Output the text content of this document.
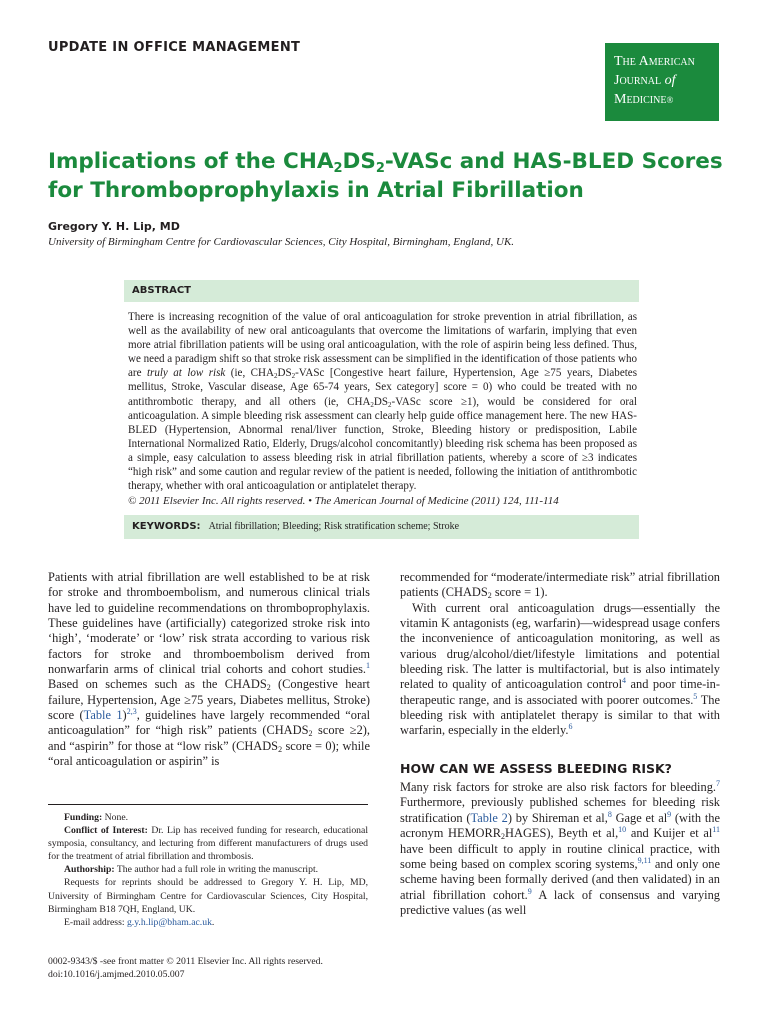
UPDATE IN OFFICE MANAGEMENT
The American
Journal of
Medicine®
Implications of the $CHA_2DS_2$-VASc and HAS-BLED Scores
for Thromboprophylaxis in Atrial Fibrillation
Gregory Y. H. Lip, MD
University of Birmingham Centre for Cardiovascular Sciences, City Hospital, Birmingham, England, UK.
ABSTRACT
There is increasing recognition of the value of oral anticoagulation for stroke prevention in atrial fibrillation, as well as the availability of new oral anticoagulants that overcome the limitations of warfarin, implying that even more atrial fibrillation patients will be using oral anticoagulation, with the role of aspirin being less defined. Thus, we need a paradigm shift so that stroke risk assessment can be simplified in the identification of those patients who are truly at low risk (ie, $CHA_2DS_2$-VASc [Congestive heart failure, Hypertension, Age ≥75 years, Diabetes mellitus, Stroke, Vascular disease, Age 65-74 years, Sex category] score = 0) who could be treated with no antithrombotic therapy, and all others (ie, $CHA_2DS_2$-VASc score ≥1), would be considered for oral anticoagulation. A simple bleeding risk assessment can clearly help guide office management here. The new HAS-BLED (Hypertension, Abnormal renal/liver function, Stroke, Bleeding history or predisposition, Labile International Normalized Ratio, Elderly, Drugs/alcohol concomitantly) bleeding risk schema has been proposed as a simple, easy calculation to assess bleeding risk in atrial fibrillation patients, whereby a score of ≥3 indicates “high risk” and some caution and regular review of the patient is needed, following the initiation of antithrombotic therapy, whether with oral anticoagulation or antiplatelet therapy.
© 2011 Elsevier Inc. All rights reserved. • The American Journal of Medicine (2011) 124, 111-114
KEYWORDS: Atrial fibrillation; Bleeding; Risk stratification scheme; Stroke

Patients with atrial fibrillation are well established to be at risk for stroke and thromboembolism, and numerous clinical trials have led to guideline recommendations on thromboprophylaxis. These guidelines have (artificially) categorized stroke risk into ‘high’, ‘moderate’ or ‘low’ risk strata according to various risk factors for stroke and thromboembolism derived from nonwarfarin arms of clinical trial cohorts and cohort studies.$^1$ Based on schemes such as the $CHADS_2$ (Congestive heart failure, Hypertension, Age ≥75 years, Diabetes mellitus, Stroke) score (Table 1)$^{2,3}$, guidelines have largely recommended “oral anticoagulation” for “high risk” patients ($CHADS_2$ score ≥2), and “aspirin” for those at “low risk” ($CHADS_2$ score = 0); while “oral anticoagulation or aspirin” is

recommended for “moderate/intermediate risk” atrial fibrillation patients ($CHADS_2$ score = 1).

With current oral anticoagulation drugs—essentially the vitamin K antagonists (eg, warfarin)—widespread usage confers the inconvenience of anticoagulation monitoring, as well as various drug/alcohol/diet/lifestyle limitations and potential bleeding risk. The latter is multifactorial, but is also intimately related to quality of anticoagulation control$^4$ and poor time-in-therapeutic range, and is associated with poorer outcomes.$^5$ The bleeding risk with antiplatelet therapy is similar to that with warfarin, especially in the elderly.$^6$

HOW CAN WE ASSESS BLEEDING RISK?

Many risk factors for stroke are also risk factors for bleeding.$^7$ Furthermore, previously published schemes for bleeding risk stratification (Table 2) by Shireman et al,$^8$ Gage et $al^9$ (with the acronym $HEMORR_2HAGES$), Beyth et al,$^{10}$ and Kuijer et $al^{11}$ have been difficult to apply in routine clinical practice, with some being based on complex scoring systems,$^{9,11}$ and only one scheme having been formally derived (and then validated) in an atrial fibrillation cohort.$^9$ A lack of consensus and varying predictive values (as well

Funding: None.

Conflict of Interest: Dr. Lip has received funding for research, educational symposia, consultancy, and lecturing from different manufacturers of drugs used for the treatment of atrial fibrillation and thrombosis.

Authorship: The author had a full role in writing the manuscript.

Requests for reprints should be addressed to Gregory Y. H. Lip, MD, University of Birmingham Centre for Cardiovascular Sciences, City Hospital, Birmingham B18 7QH, England, UK.

E-mail address: g.y.h.lip@bham.ac.uk.

0002-9343/$ -see front matter © 2011 Elsevier Inc. All rights reserved.
doi:10.1016/j.amjmed.2010.05.007
